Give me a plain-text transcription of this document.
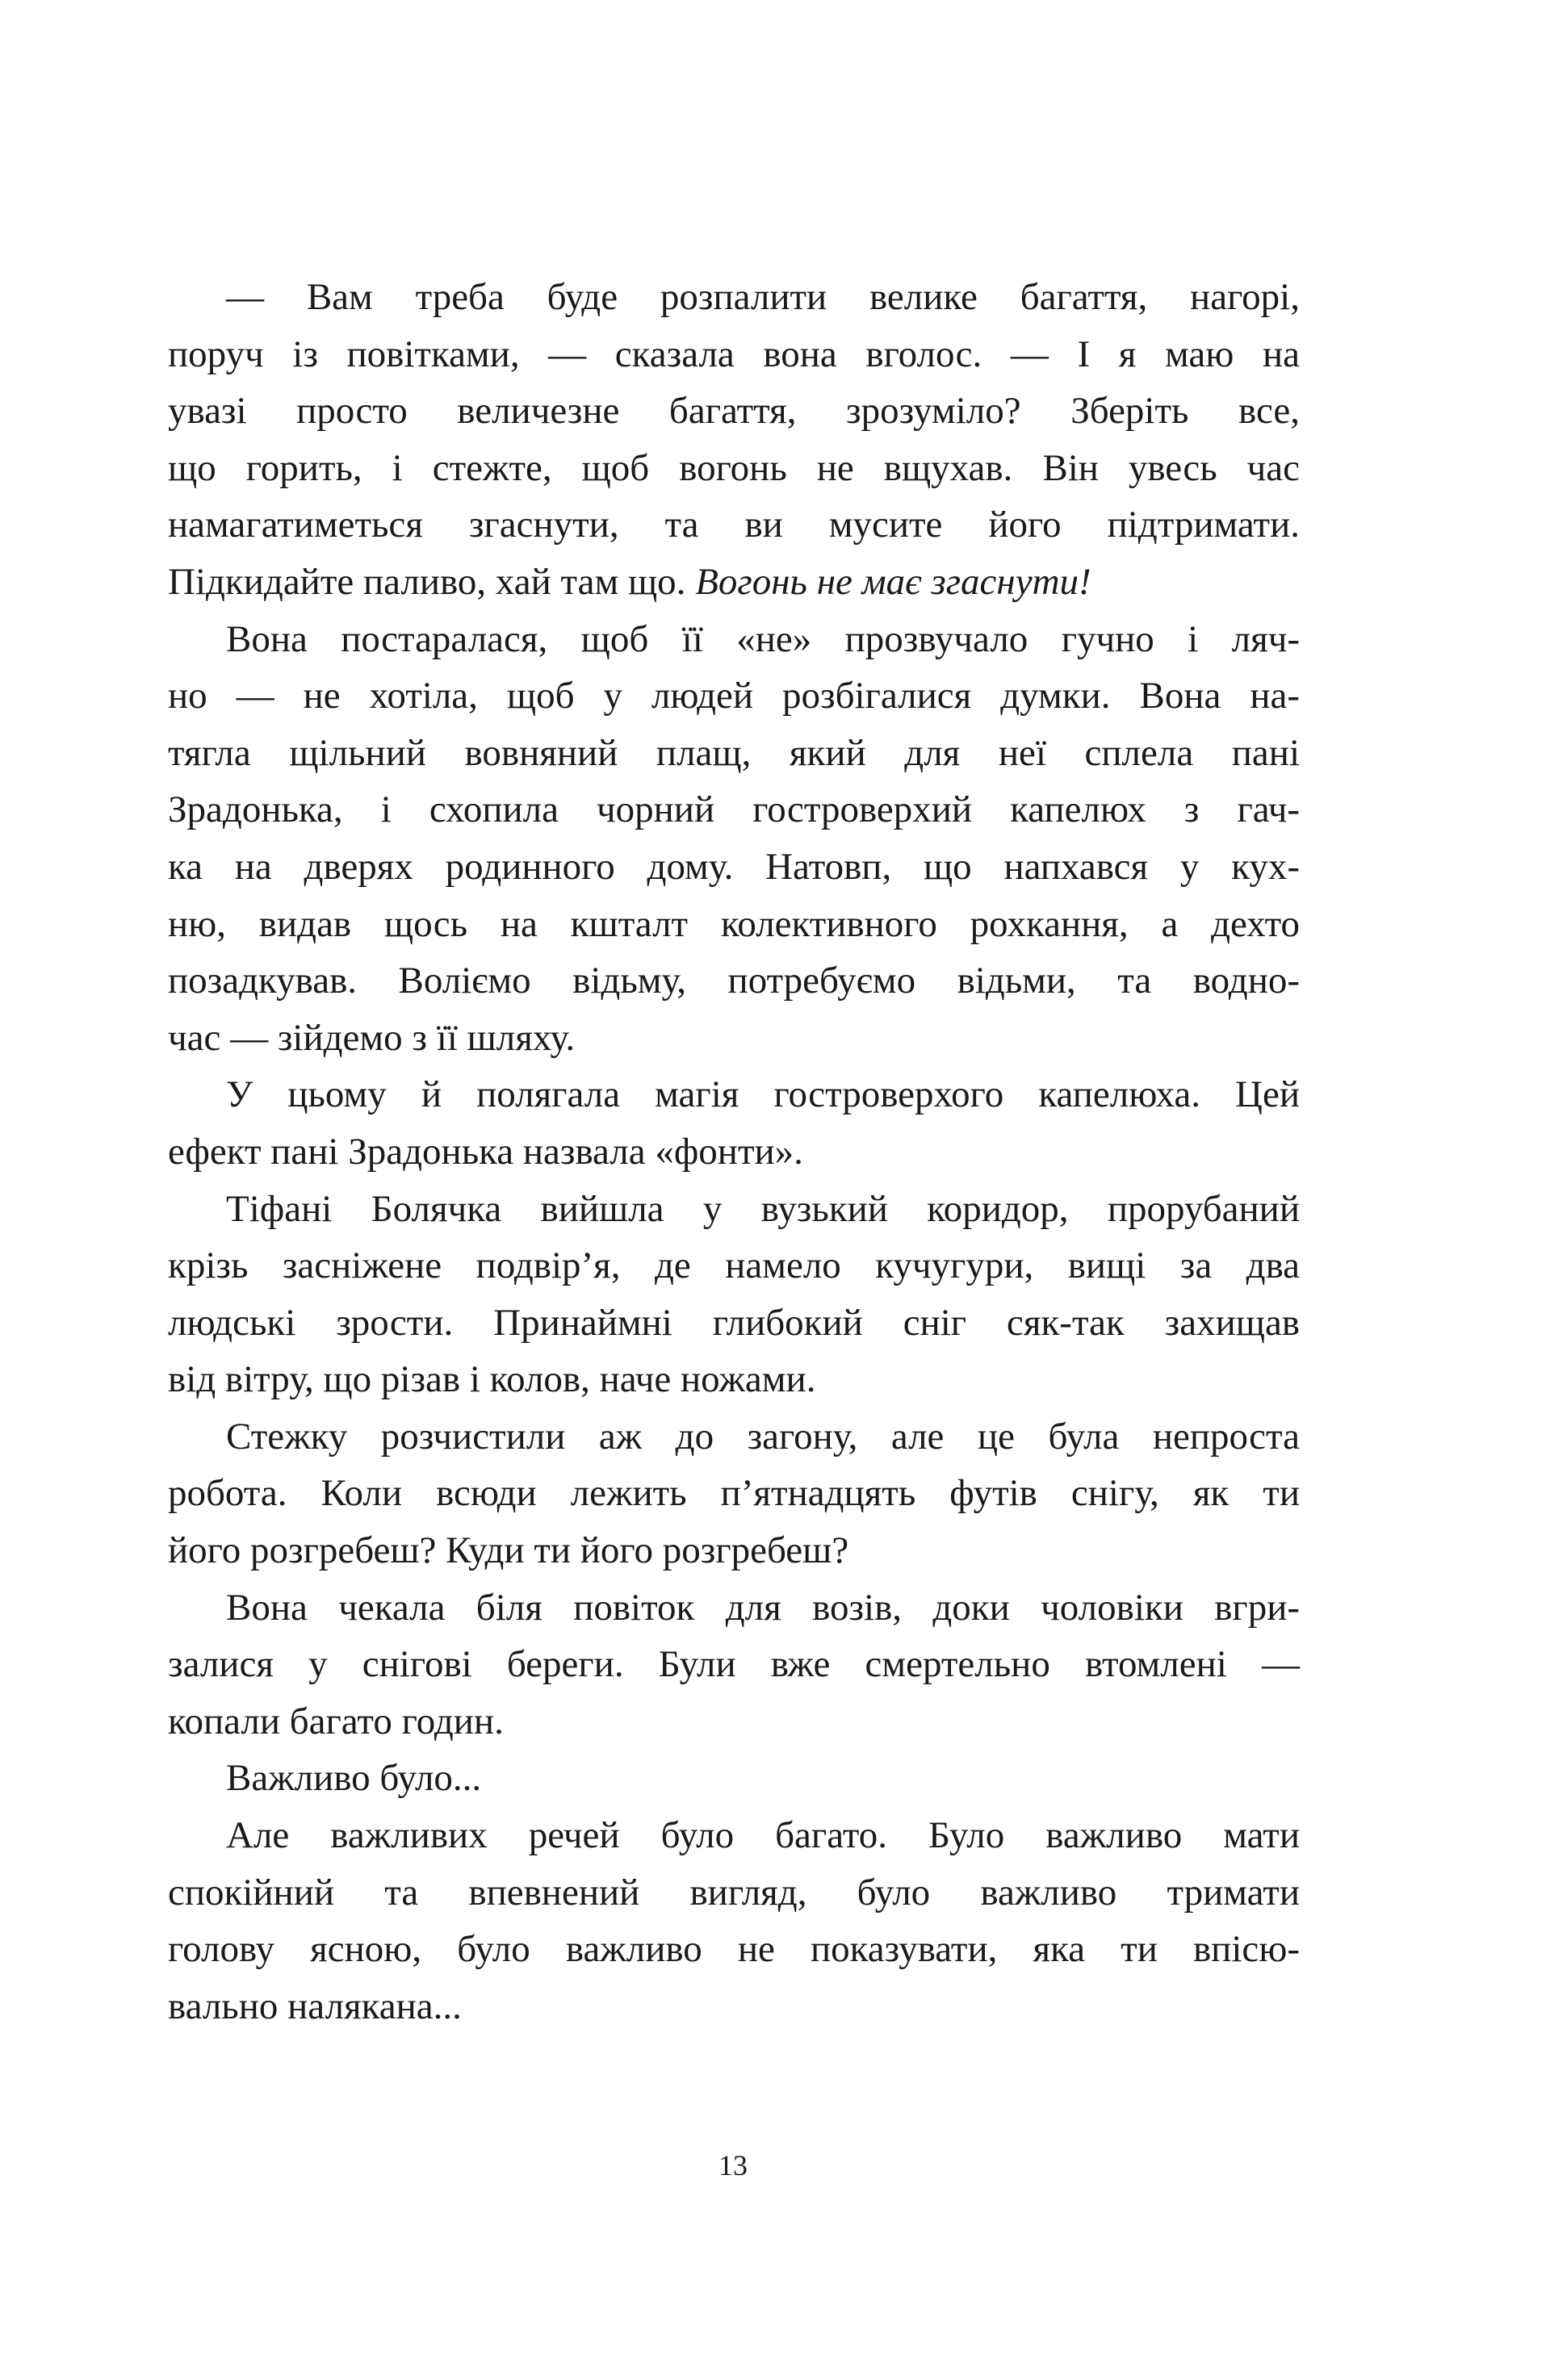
— Вам треба буде розпалити велике багаття, нагорі,
поруч із повітками, — сказала вона вголос. — І я маю на
увазі просто величезне багаття, зрозуміло? Зберіть все,
що горить, і стежте, щоб вогонь не вщухав. Він увесь час
намагатиметься згаснути, та ви мусите його підтримати.
Підкидайте паливо, хай там що. Вогонь не має згаснути!
Вона постаралася, щоб її «не» прозвучало гучно і ляч-
но — не хотіла, щоб у людей розбігалися думки. Вона на-
тягла щільний вовняний плащ, який для неї сплела пані
Зрадонька, і схопила чорний гостроверхий капелюх з гач-
ка на дверях родинного дому. Натовп, що напхався у кух-
ню, видав щось на кшталт колективного рохкання, а дехто
позадкував. Воліємо відьму, потребуємо відьми, та водно-
час — зійдемо з її шляху.
У цьому й полягала магія гостроверхого капелюха. Цей
ефект пані Зрадонька назвала «фонти».
Тіфані Болячка вийшла у вузький коридор, прорубаний
крізь засніжене подвір’я, де намело кучугури, вищі за два
людські зрости. Принаймні глибокий сніг сяк-так захищав
від вітру, що різав і колов, наче ножами.
Стежку розчистили аж до загону, але це була непроста
робота. Коли всюди лежить п’ятнадцять футів снігу, як ти
його розгребеш? Куди ти його розгребеш?
Вона чекала біля повіток для возів, доки чоловіки вгри-
залися у снігові береги. Були вже смертельно втомлені —
копали багато годин.
Важливо було...
Але важливих речей було багато. Було важливо мати
спокійний та впевнений вигляд, було важливо тримати
голову ясною, було важливо не показувати, яка ти впісю-
вально налякана...
13
